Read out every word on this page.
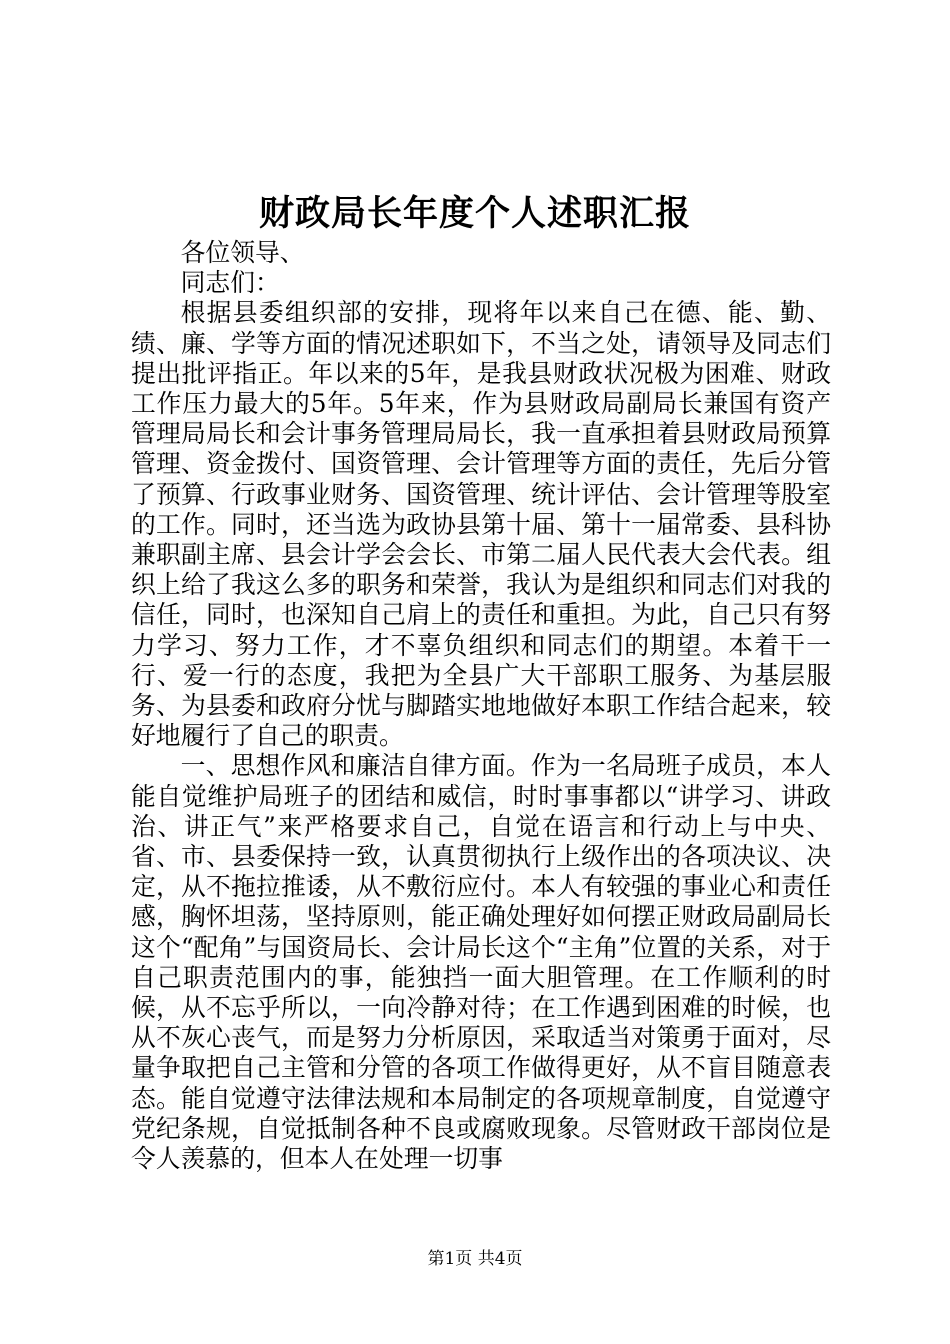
财政局长年度个人述职汇报

各位领导、

同志们：

根据县委组织部的安排，现将年以来自己在德、能、勤、绩、廉、学等方面的情况述职如下，不当之处，请领导及同志们提出批评指正。年以来的5年，是我县财政状况极为困难、财政工作压力最大的5年。5年来，作为县财政局副局长兼国有资产管理局局长和会计事务管理局局长，我一直承担着县财政局预算管理、资金拨付、国资管理、会计管理等方面的责任，先后分管了预算、行政事业财务、国资管理、统计评估、会计管理等股室的工作。同时，还当选为政协县第十届、第十一届常委、县科协兼职副主席、县会计学会会长、市第二届人民代表大会代表。组织上给了我这么多的职务和荣誉，我认为是组织和同志们对我的信任，同时，也深知自己肩上的责任和重担。为此，自己只有努力学习、努力工作，才不辜负组织和同志们的期望。本着干一行、爱一行的态度，我把为全县广大干部职工服务、为基层服务、为县委和政府分忧与脚踏实地地做好本职工作结合起来，较好地履行了自己的职责。

一、思想作风和廉洁自律方面。作为一名局班子成员，本人能自觉维护局班子的团结和威信，时时事事都以“讲学习、讲政治、讲正气”来严格要求自己，自觉在语言和行动上与中央、省、市、县委保持一致，认真贯彻执行上级作出的各项决议、决定，从不拖拉推诿，从不敷衍应付。本人有较强的事业心和责任感，胸怀坦荡，坚持原则，能正确处理好如何摆正财政局副局长这个“配角”与国资局长、会计局长这个“主角”位置的关系，对于自己职责范围内的事，能独挡一面大胆管理。在工作顺利的时候，从不忘乎所以，一向冷静对待；在工作遇到困难的时候，也从不灰心丧气，而是努力分析原因，采取适当对策勇于面对，尽量争取把自己主管和分管的各项工作做得更好，从不盲目随意表态。能自觉遵守法律法规和本局制定的各项规章制度，自觉遵守党纪条规，自觉抵制各种不良或腐败现象。尽管财政干部岗位是令人羡慕的，但本人在处理一切事

第1页 共4页
